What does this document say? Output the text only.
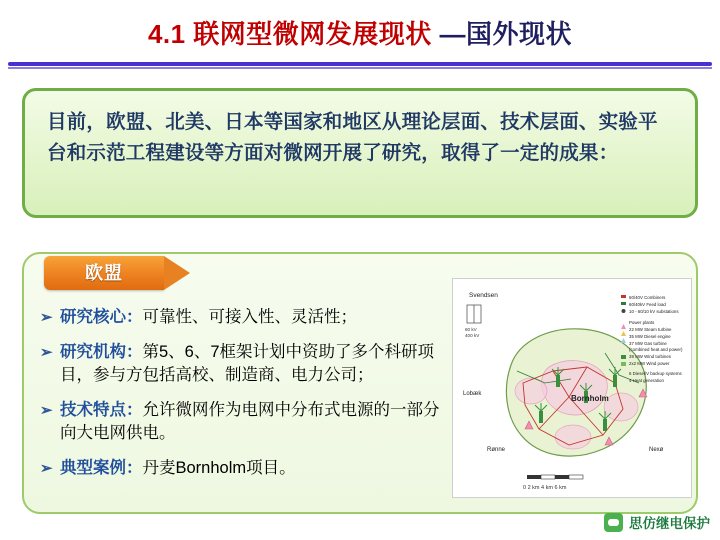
4.1 联网型微网发展现状 —国外现状
目前，欧盟、北美、日本等国家和地区从理论层面、技术层面、实验平台和示范工程建设等方面对微网开展了研究，取得了一定的成果：
欧盟
➢ 研究核心：可靠性、可接入性、灵活性；
➢ 研究机构：第5、6、7框架计划中资助了多个科研项目，参与方包括高校、制造商、电力公司；
➢ 技术特点：允许微网作为电网中分布式电源的一部分向大电网供电。
➢ 典型案例：丹麦Bornholm项目。
0 2 km 4 km 6 km
Svendsen
Bornholm
Lobæk
Rønne	Nexø
60 kV
400 kV
60/40V Combiners
60/40kV Feed load
10 - 60/10 kV substations
Power plants
22 MW Steam turbine
35 MW Diesel engine
37 MW Gas turbine
(combined heat and power)
39 MW Wind turbines
2x2 MW Wind power
6 Diesel/V backup systems
4 Heat generation
思仿继电保护
